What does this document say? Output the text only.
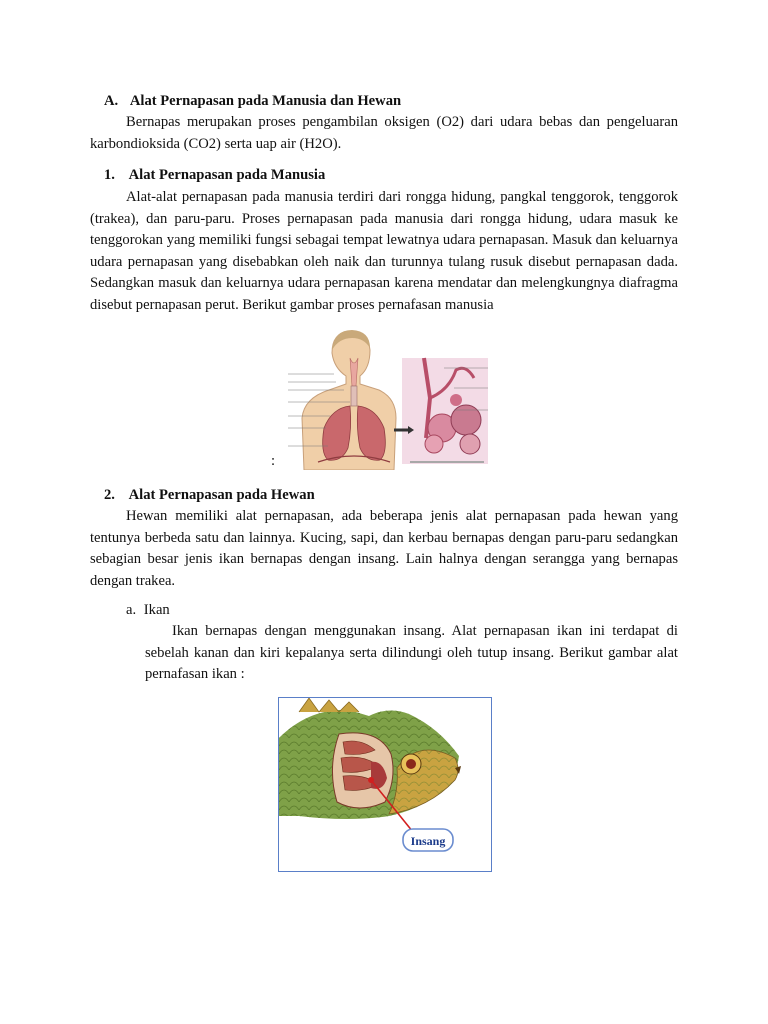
A. Alat Pernapasan pada Manusia dan Hewan
Bernapas merupakan proses pengambilan oksigen (O2) dari udara bebas dan pengeluaran karbondioksida (CO2) serta uap air (H2O).
1. Alat Pernapasan pada Manusia
Alat-alat pernapasan pada manusia terdiri dari rongga hidung, pangkal tenggorok, tenggorok (trakea), dan paru-paru. Proses pernapasan pada manusia dari rongga hidung, udara masuk ke tenggorokan yang memiliki fungsi sebagai tempat lewatnya udara pernapasan. Masuk dan keluarnya udara pernapasan yang disebabkan oleh naik dan turunnya tulang rusuk disebut pernapasan dada. Sedangkan masuk dan keluarnya udara pernapasan karena mendatar dan melengkungnya diafragma disebut pernapasan perut. Berikut gambar proses pernafasan manusia
:
2. Alat Pernapasan pada Hewan
Hewan memiliki alat pernapasan, ada beberapa jenis alat pernapasan pada hewan yang tentunya berbeda satu dan lainnya. Kucing, sapi, dan kerbau bernapas dengan paru-paru sedangkan sebagian besar jenis ikan bernapas dengan insang. Lain halnya dengan serangga yang bernapas dengan trakea.
a. Ikan
Ikan bernapas dengan menggunakan insang. Alat pernapasan ikan ini terdapat di sebelah kanan dan kiri kepalanya serta dilindungi oleh tutup insang. Berikut gambar alat pernafasan ikan :
Insang
